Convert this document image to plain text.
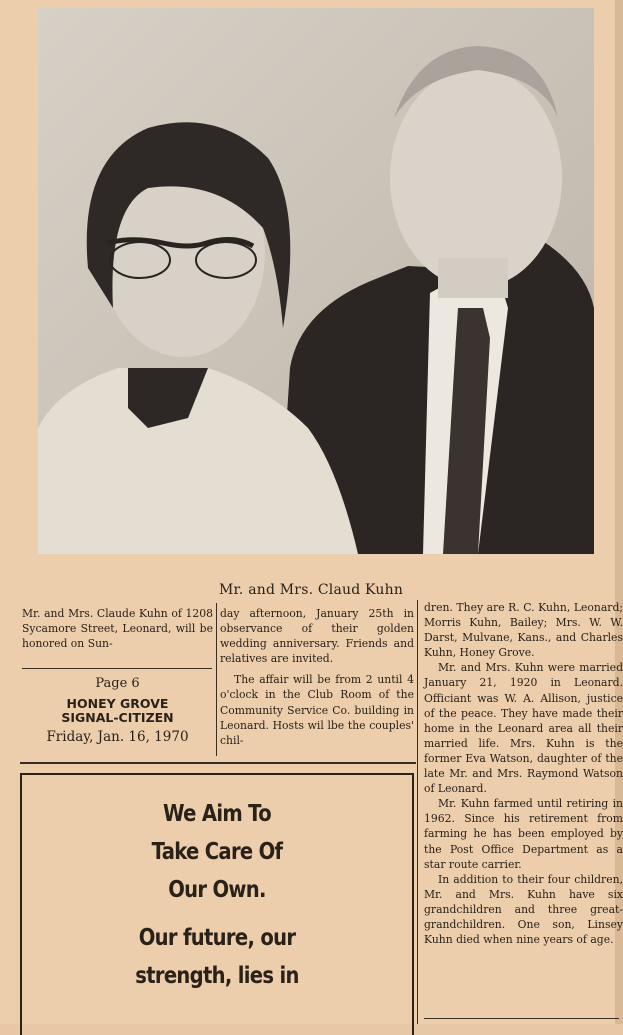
Mr. and Mrs. Claud Kuhn

Mr. and Mrs. Claude Kuhn of 1208 Sycamore Street, Leonard, will be honored on Sun-

Page 6
HONEY GROVE
SIGNAL-CITIZEN
Friday, Jan. 16, 1970

day afternoon, January 25th in observance of their golden wedding anniversary. Friends and relatives are invited.

The affair will be from 2 until 4 o'clock in the Club Room of the Community Service Co. building in Leonard. Hosts wil lbe the couples' chil-

dren. They are R. C. Kuhn, Leonard; Morris Kuhn, Bailey; Mrs. W. W. Darst, Mulvane, Kans., and Charles Kuhn, Honey Grove.

Mr. and Mrs. Kuhn were married January 21, 1920 in Leonard. Officiant was W. A. Allison, justice of the peace. They have made their home in the Leonard area all their married life. Mrs. Kuhn is the former Eva Watson, daughter of the late Mr. and Mrs. Raymond Watson of Leonard.

Mr. Kuhn farmed until retiring in 1962. Since his retirement from farming he has been employed by the Post Office Department as a star route carrier.

In addition to their four children, Mr. and Mrs. Kuhn have six grandchildren and three great-grandchildren. One son, Linsey Kuhn died when nine years of age.

We Aim To
Take Care Of
Our Own.
Our future, our
strength, lies in
